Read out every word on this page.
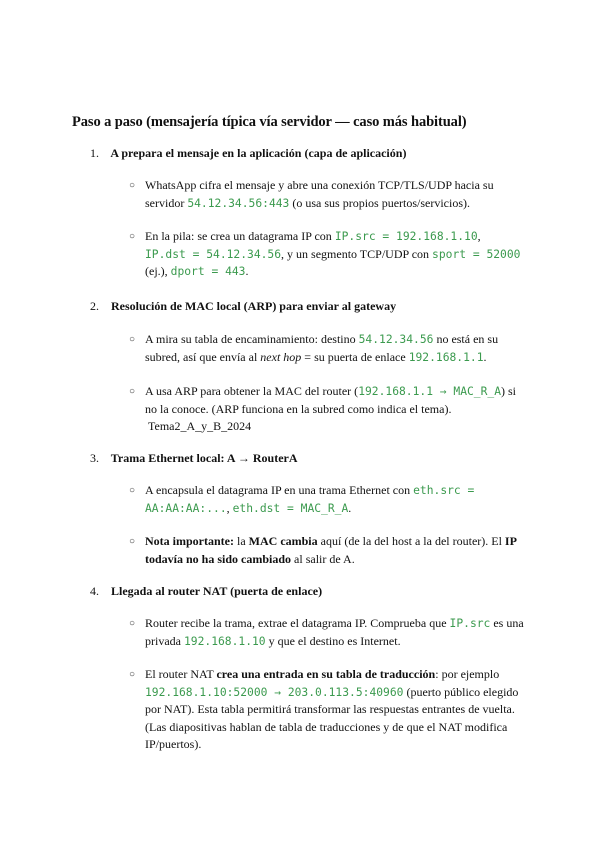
Paso a paso (mensajería típica vía servidor — caso más habitual)
1. A prepara el mensaje en la aplicación (capa de aplicación)
○ WhatsApp cifra el mensaje y abre una conexión TCP/TLS/UDP hacia su servidor 54.12.34.56:443 (o usa sus propios puertos/servicios).
○ En la pila: se crea un datagrama IP con IP.src = 192.168.1.10, IP.dst = 54.12.34.56, y un segmento TCP/UDP con sport = 52000 (ej.), dport = 443.
2. Resolución de MAC local (ARP) para enviar al gateway
○ A mira su tabla de encaminamiento: destino 54.12.34.56 no está en su subred, así que envía al next hop = su puerta de enlace 192.168.1.1.
○ A usa ARP para obtener la MAC del router (192.168.1.1 → MAC_R_A) si no la conoce. (ARP funciona en la subred como indica el tema).
Tema2_A_y_B_2024
3. Trama Ethernet local: A → RouterA
○ A encapsula el datagrama IP en una trama Ethernet con eth.src = AA:AA:AA:..., eth.dst = MAC_R_A.
○ Nota importante: la MAC cambia aquí (de la del host a la del router). El IP todavía no ha sido cambiado al salir de A.
4. Llegada al router NAT (puerta de enlace)
○ Router recibe la trama, extrae el datagrama IP. Comprueba que IP.src es una privada 192.168.1.10 y que el destino es Internet.
○ El router NAT crea una entrada en su tabla de traducción: por ejemplo 192.168.1.10:52000 → 203.0.113.5:40960 (puerto público elegido por NAT). Esta tabla permitirá transformar las respuestas entrantes de vuelta. (Las diapositivas hablan de tabla de traducciones y de que el NAT modifica IP/puertos).
